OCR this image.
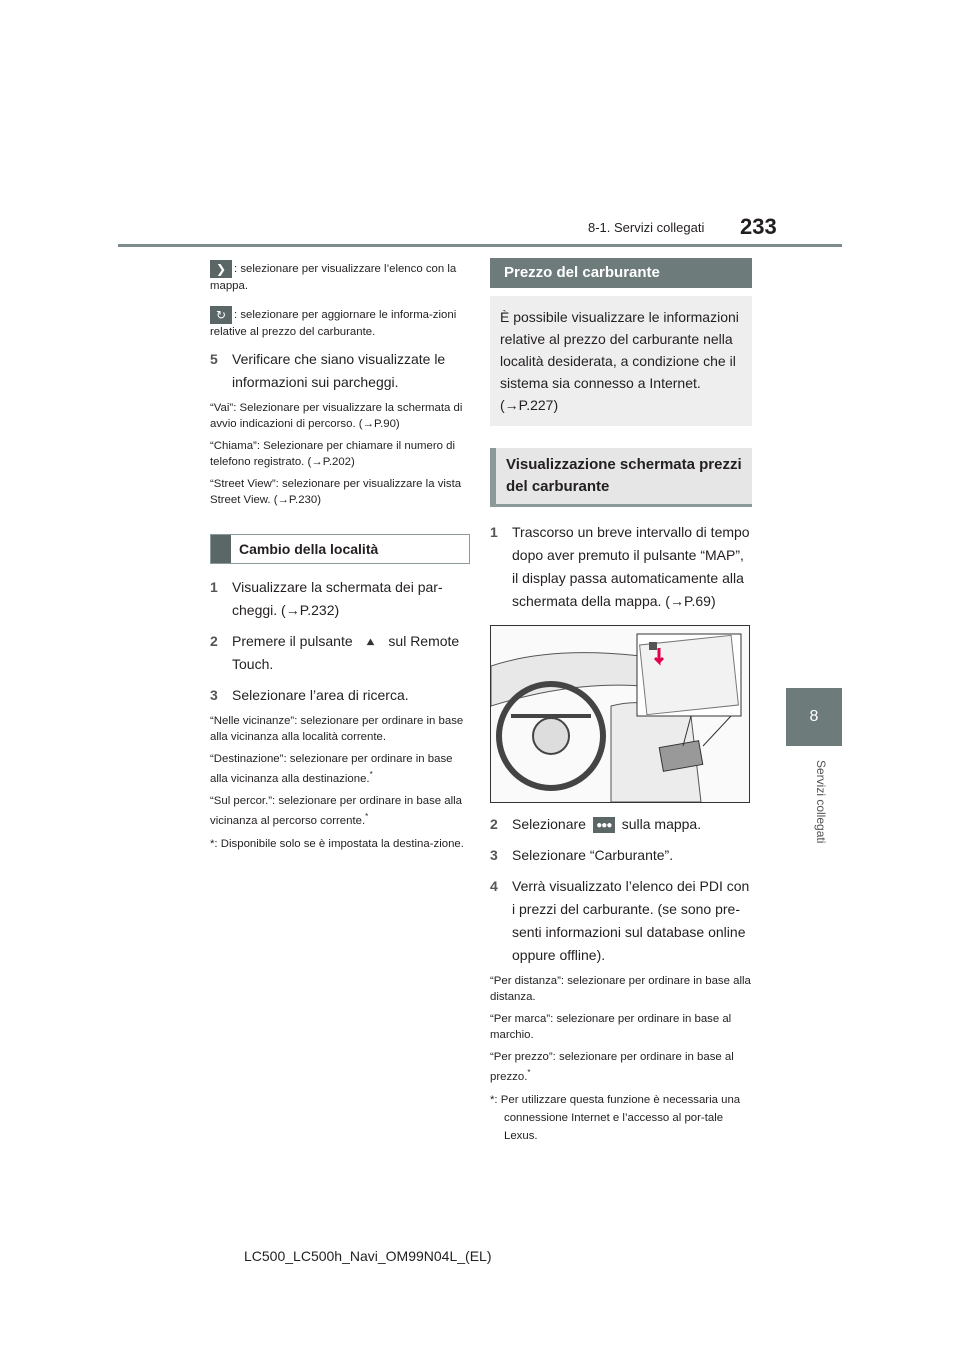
8-1. Servizi collegati 233
8
Servizi collegati

❯ : selezionare per visualizzare l’elenco con la mappa.

↻ : selezionare per aggiornare le informa-zioni relative al prezzo del carburante.

5	Verificare che siano visualizzate le informazioni sui parcheggi.

“Vai”: Selezionare per visualizzare la schermata di avvio indicazioni di percorso. (→P.90)

“Chiama”: Selezionare per chiamare il numero di telefono registrato. (→P.202)

“Street View”: selezionare per visualizzare la vista Street View. (→P.230)

Cambio della località
1	Visualizzare la schermata dei par-cheggi. (→P.232)
2	Premere il pulsante ⯅ sul Remote Touch.
3	Selezionare l’area di ricerca.

“Nelle vicinanze”: selezionare per ordinare in base alla vicinanza alla località corrente.

“Destinazione”: selezionare per ordinare in base alla vicinanza alla destinazione.*

“Sul percor.”: selezionare per ordinare in base alla vicinanza al percorso corrente.*

*: Disponibile solo se è impostata la destina-zione.

Prezzo del carburante
È possibile visualizzare le informazioni relative al prezzo del carburante nella località desiderata, a condizione che il sistema sia connesso a Internet. (→P.227)
Visualizzazione schermata prezzi del carburante
1	Trascorso un breve intervallo di tempo dopo aver premuto il pulsante “MAP”, il display passa automaticamente alla schermata della mappa. (→P.69)
2	Selezionare ●●● sulla mappa.
3	Selezionare “Carburante”.
4	Verrà visualizzato l’elenco dei PDI con i prezzi del carburante. (se sono pre-senti informazioni sul database online oppure offline).

“Per distanza”: selezionare per ordinare in base alla distanza.

“Per marca”: selezionare per ordinare in base al marchio.

“Per prezzo”: selezionare per ordinare in base al prezzo.*

*: Per utilizzare questa funzione è necessaria una connessione Internet e l’accesso al por-tale Lexus.

LC500_LC500h_Navi_OM99N04L_(EL)
